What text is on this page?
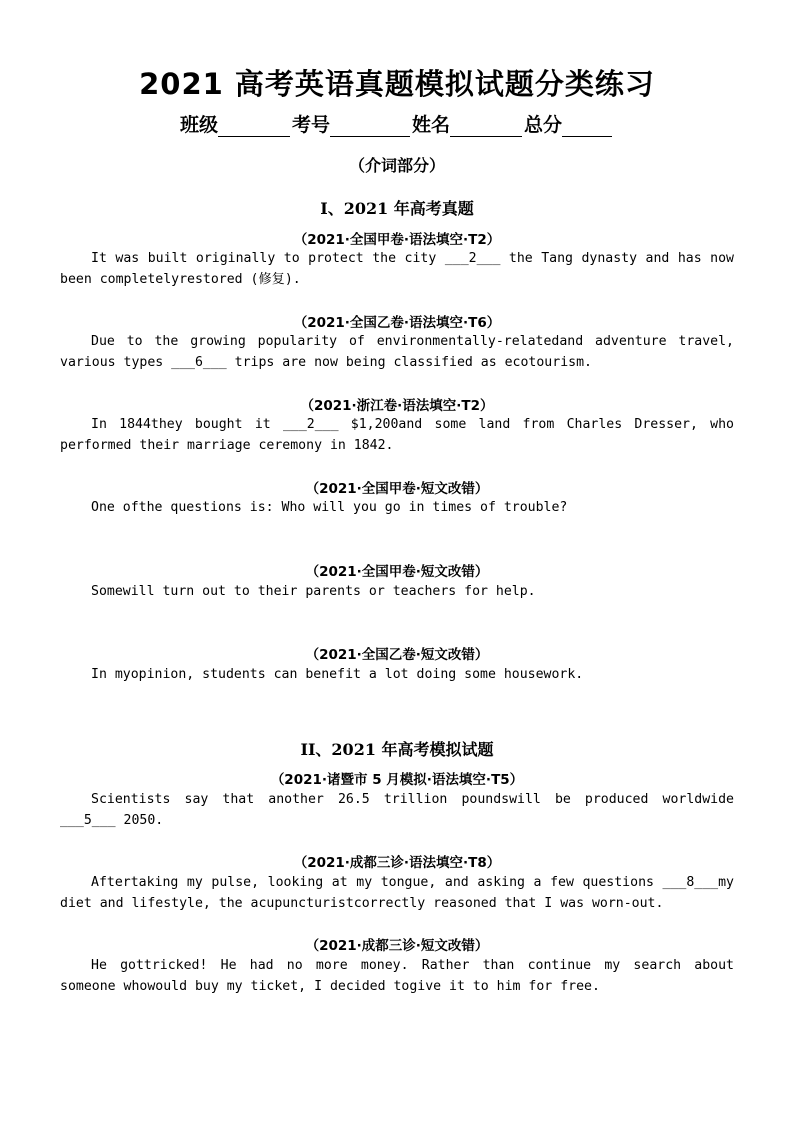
2021 高考英语真题模拟试题分类练习
班级	考号	姓名	总分
（介词部分）
I、2021 年高考真题
（2021·全国甲卷·语法填空·T2）
It was built originally to protect the city ___2___ the Tang dynasty and has now been completelyrestored (修复).
（2021·全国乙卷·语法填空·T6）
Due to the growing popularity of environmentally-relatedand adventure travel, various types ___6___ trips are now being classified as ecotourism.
（2021·浙江卷·语法填空·T2）
In 1844they bought it ___2___ $1,200and some land from Charles Dresser, who performed their marriage ceremony in 1842.
（2021·全国甲卷·短文改错）
One ofthe questions is: Who will you go in times of trouble?
（2021·全国甲卷·短文改错）
Somewill turn out to their parents or teachers for help.
（2021·全国乙卷·短文改错）
In myopinion, students can benefit a lot doing some housework.
II、2021 年高考模拟试题
（2021·诸暨市 5 月模拟·语法填空·T5）
Scientists say that another 26.5 trillion poundswill be produced worldwide ___5___ 2050.
（2021·成都三诊·语法填空·T8）
Aftertaking my pulse, looking at my tongue, and asking a few questions ___8___my diet and lifestyle, the acupuncturistcorrectly reasoned that I was worn-out.
（2021·成都三诊·短文改错）
He gottricked! He had no more money. Rather than continue my search about someone whowould buy my ticket, I decided togive it to him for free.
